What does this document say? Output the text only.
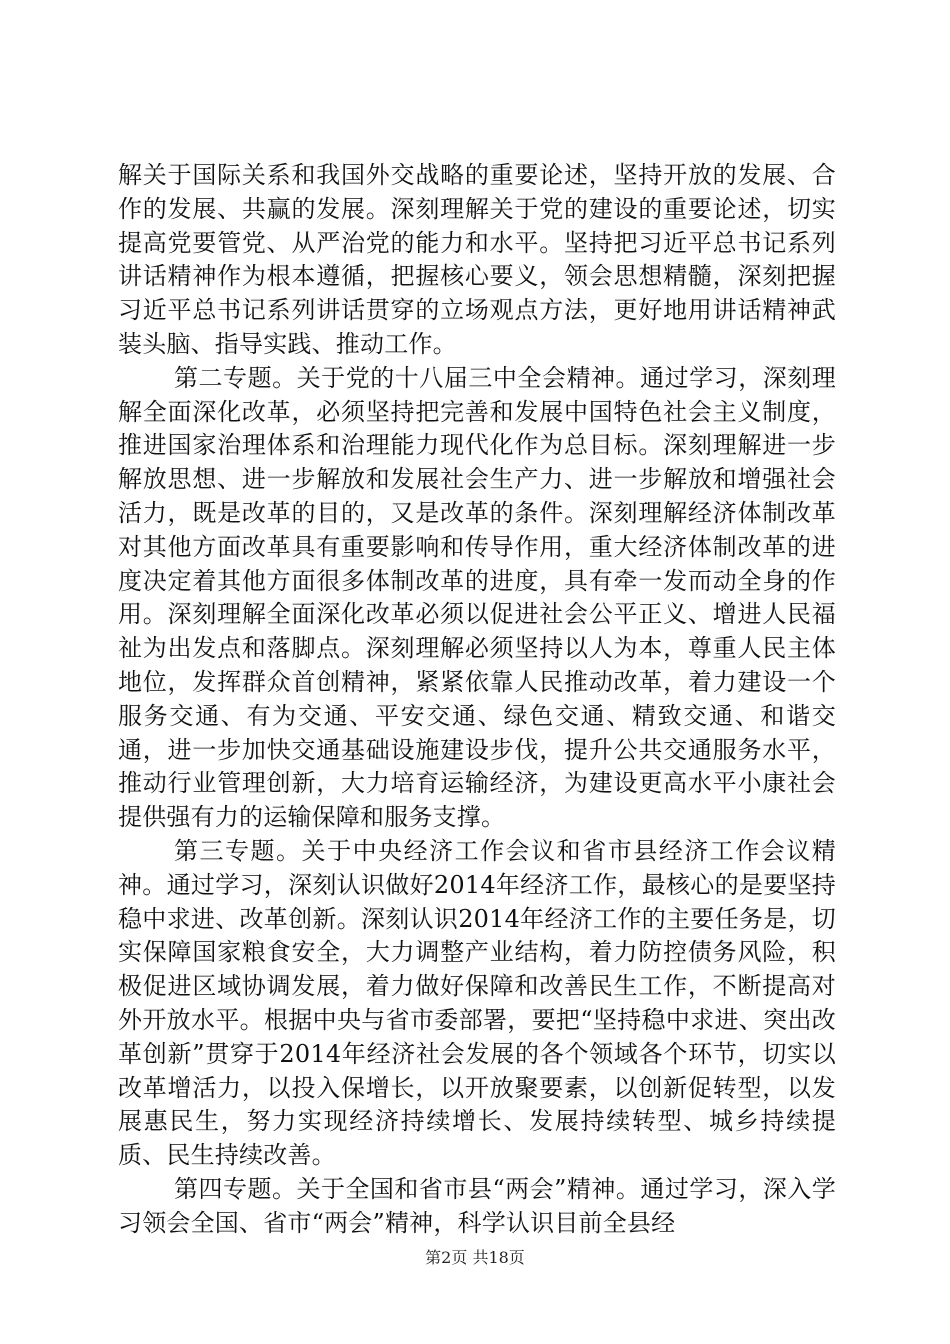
解关于国际关系和我国外交战略的重要论述，坚持开放的发展、合作的发展、共赢的发展。深刻理解关于党的建设的重要论述，切实提高党要管党、从严治党的能力和水平。坚持把习近平总书记系列讲话精神作为根本遵循，把握核心要义，领会思想精髓，深刻把握习近平总书记系列讲话贯穿的立场观点方法，更好地用讲话精神武装头脑、指导实践、推动工作。

第二专题。关于党的十八届三中全会精神。通过学习，深刻理解全面深化改革，必须坚持把完善和发展中国特色社会主义制度，推进国家治理体系和治理能力现代化作为总目标。深刻理解进一步解放思想、进一步解放和发展社会生产力、进一步解放和增强社会活力，既是改革的目的，又是改革的条件。深刻理解经济体制改革对其他方面改革具有重要影响和传导作用，重大经济体制改革的进度决定着其他方面很多体制改革的进度，具有牵一发而动全身的作用。深刻理解全面深化改革必须以促进社会公平正义、增进人民福祉为出发点和落脚点。深刻理解必须坚持以人为本，尊重人民主体地位，发挥群众首创精神，紧紧依靠人民推动改革，着力建设一个服务交通、有为交通、平安交通、绿色交通、精致交通、和谐交通，进一步加快交通基础设施建设步伐，提升公共交通服务水平，推动行业管理创新，大力培育运输经济，为建设更高水平小康社会提供强有力的运输保障和服务支撑。

第三专题。关于中央经济工作会议和省市县经济工作会议精神。通过学习，深刻认识做好2014年经济工作，最核心的是要坚持稳中求进、改革创新。深刻认识2014年经济工作的主要任务是，切实保障国家粮食安全，大力调整产业结构，着力防控债务风险，积极促进区域协调发展，着力做好保障和改善民生工作，不断提高对外开放水平。根据中央与省市委部署，要把“坚持稳中求进、突出改革创新”贯穿于2014年经济社会发展的各个领域各个环节，切实以改革增活力，以投入保增长，以开放聚要素，以创新促转型，以发展惠民生，努力实现经济持续增长、发展持续转型、城乡持续提质、民生持续改善。

第四专题。关于全国和省市县“两会”精神。通过学习，深入学习领会全国、省市“两会”精神，科学认识目前全县经

第2页 共18页
